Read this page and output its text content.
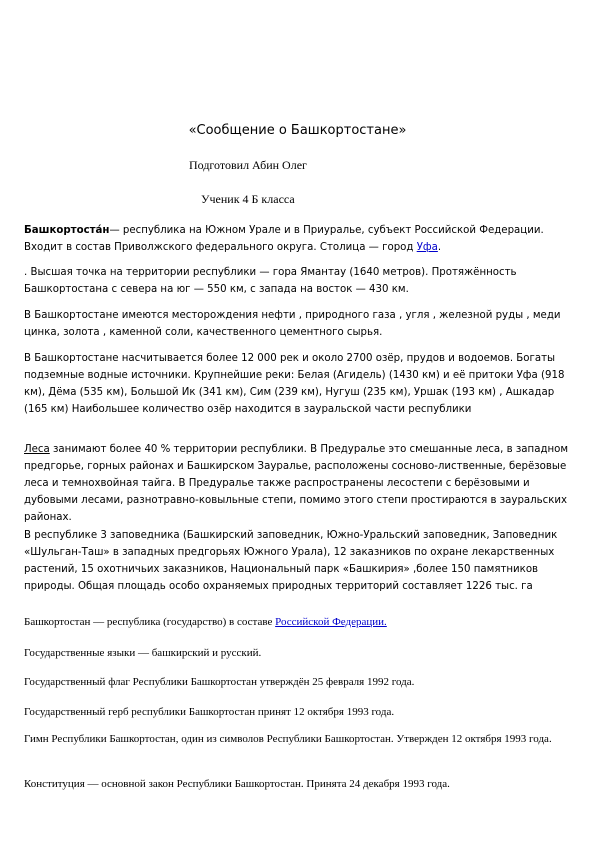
«Сообщение о Башкортостане»
Подготовил Абин Олег
Ученик 4 Б класса

Башкортоста́н— республика на Южном Урале и в Приуралье, субъект Российской Федерации. Входит в состав Приволжского федерального округа. Столица — город Уфа.

. Высшая точка на территории республики — гора Ямантау (1640 метров). Протяжённость Башкортостана с севера на юг — 550 км, с запада на восток — 430 км.

В Башкортостане имеются месторождения нефти , природного газа , угля , железной руды , меди цинка, золота , каменной соли, качественного цементного сырья.

В Башкортостане насчитывается более 12 000 рек и около 2700 озёр, прудов и водоемов. Богаты подземные водные источники. Крупнейшие реки: Белая (Агидель) (1430 км) и её притоки Уфа (918 км), Дёма (535 км), Большой Ик (341 км), Сим (239 км), Нугуш (235 км), Уршак (193 км) , Ашкадар (165 км) Наибольшее количество озёр находится в зауральской части республики

Леса занимают более 40 % территории республики. В Предуралье это смешанные леса, в западном предгорье, горных районах и Башкирском Зауралье, расположены сосново-лиственные, берёзовые леса и темнохвойная тайга. В Предуралье также распространены лесостепи с берёзовыми и дубовыми лесами, разнотравно-ковыльные степи, помимо этого степи простираются в зауральских районах.

В республике 3 заповедника (Башкирский заповедник, Южно-Уральский заповедник, Заповедник «Шульган-Таш» в западных предгорьях Южного Урала), 12 заказников по охране лекарственных растений, 15 охотничьих заказников, Национальный парк «Башкирия» ,более 150 памятников природы. Общая площадь особо охраняемых природных территорий составляет 1226 тыс. га

Башкортостан — республика (государство) в составе Российской Федерации.

Государственные языки — башкирский и русский.

Государственный флаг Республики Башкортостан утверждён 25 февраля 1992 года.

Государственный герб республики Башкортостан принят 12 октября 1993 года.

Гимн Республики Башкортостан, один из символов Республики Башкортостан. Утвержден 12 октября 1993 года.

Конституция — основной закон Республики Башкортостан. Принята 24 декабря 1993 года.
